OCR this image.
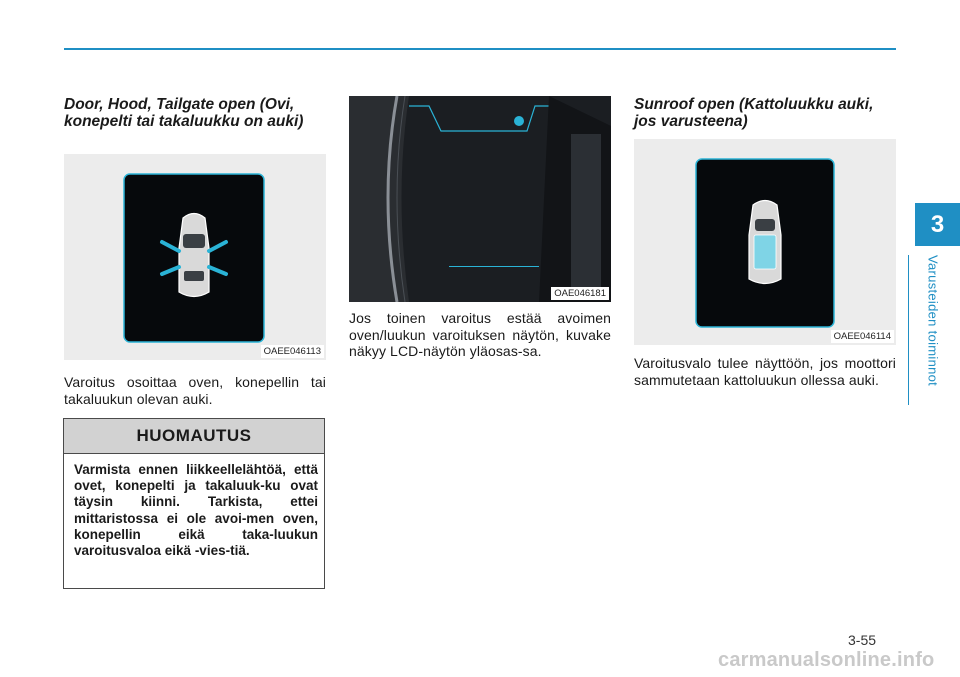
3
Varusteiden toiminnot
Door, Hood, Tailgate open (Ovi, konepelti tai takaluukku on auki)
OAEE046113

Varoitus osoittaa oven, konepellin tai takaluukun olevan auki.

HUOMAUTUS
Varmista ennen liikkeellelähtöä, että ovet, konepelti ja takaluuk-ku ovat täysin kiinni. Tarkista, ettei mittaristossa ei ole avoi-men oven, konepellin eikä taka-luukun varoitusvaloa eikä -vies-tiä.
OAE046181

Jos toinen varoitus estää avoimen oven/luukun varoituksen näytön, kuvake näkyy LCD-näytön yläosas-sa.

Sunroof open (Kattoluukku auki, jos varusteena)
OAEE046114

Varoitusvalo tulee näyttöön, jos moottori sammutetaan kattoluukun ollessa auki.

3-55
carmanualsonline.info
